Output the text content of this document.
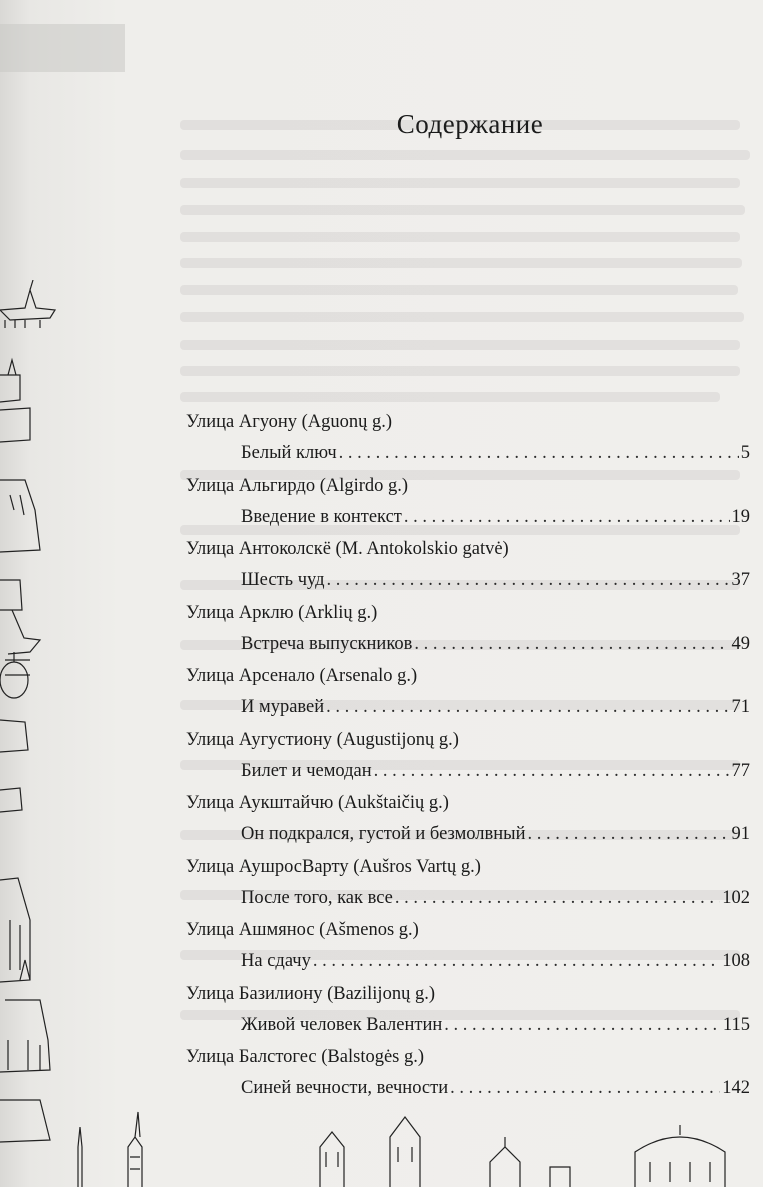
Содержание
Улица Агуону (Aguonų g.)
Белый ключ . . .	5
Улица Альгирдо (Algirdo g.)
Введение в контекст . . .	19
Улица Антоколскё (M. Antokolskio gatvė)
Шесть чуд . . .	37
Улица Арклю (Arklių g.)
Встреча выпускников . . .	49
Улица Арсенало (Arsenalo g.)
И муравей . . .	71
Улица Аугустиону (Augustijonų g.)
Билет и чемодан . . .	77
Улица Аукштайчю (Aukštaičių g.)
Он подкрался, густой и безмолвный . . .	91
Улица АушросВарту (Aušros Vartų g.)
После того, как все . . .	102
Улица Ашмянос (Ašmenos g.)
На сдачу . . .	108
Улица Базилиону (Bazilijonų g.)
Живой человек Валентин . . .	115
Улица Балстогес (Balstogės g.)
Синей вечности, вечности . . .	142
